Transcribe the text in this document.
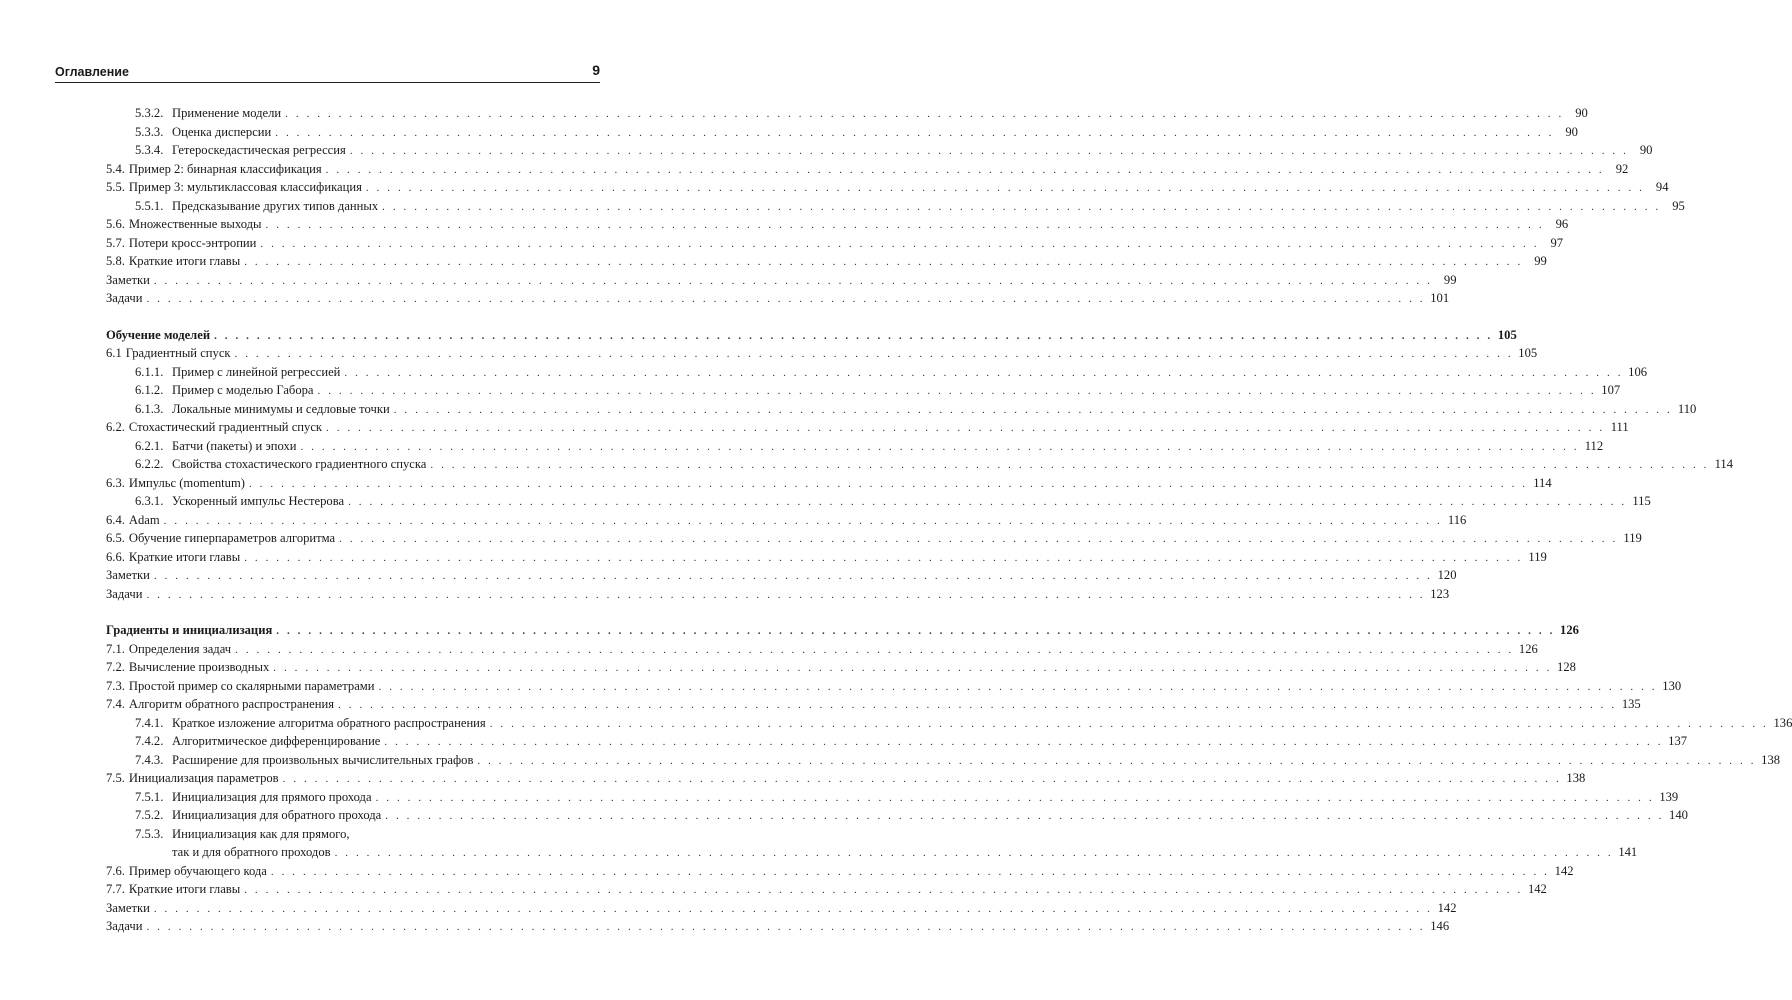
Оглавление	9
5.3.2. Применение модели . . . . . . . . . . . . . . . . . . . . . . . . . . . . . . . . . . . . . . . . . . . . . . . . . . . . . . . . . . . . . . . . . . . . . . . . . . . . . . . . . . . . . . . . . . . . . . . . . . . . . . . . . . . . . . . . . . . . . . . . 90
5.3.3. Оценка дисперсии . . . . . . . . . . . . . . . . . . . . . . . . . . . . . . . . . . . . . . . . . . . . . . . . . . . . . . . . . . . . . . . . . . . . . . . . . . . . . . . . . . . . . . . . . . . . . . . . . . . . . . . . . . . . . . . . . . . . . . . . 90
5.3.4. Гетероскедастическая регрессия . . . . . . . . . . . . . . . . . . . . . . . . . . . . . . . . . . . . . . . . . . . . . . . . . . . . . . . . . . . . . . . . . . . . . . . . . . . . . . . . . . . . . . . . . . . . . . . . . . . . . . . . . . . . . . . . . . . . . . . . 90
5.4. Пример 2: бинарная классификация . . . . . . . . . . . . . . . . . . . . . . . . . . . . . . . . . . . . . . . . . . . . . . . . . . . . . . . . . . . . . . . . . . . . . . . . . . . . . . . . . . . . . . . . . . . . . . . . . . . . . . . . . . . . . . . . . . . . . . . . 92
5.5. Пример 3: мультиклассовая классификация . . . . . . . . . . . . . . . . . . . . . . . . . . . . . . . . . . . . . . . . . . . . . . . . . . . . . . . . . . . . . . . . . . . . . . . . . . . . . . . . . . . . . . . . . . . . . . . . . . . . . . . . . . . . . . . . . . . . . . . . 94
5.5.1. Предсказывание других типов данных . . . . . . . . . . . . . . . . . . . . . . . . . . . . . . . . . . . . . . . . . . . . . . . . . . . . . . . . . . . . . . . . . . . . . . . . . . . . . . . . . . . . . . . . . . . . . . . . . . . . . . . . . . . . . . . . . . . . . . . . 95
5.6. Множественные выходы . . . . . . . . . . . . . . . . . . . . . . . . . . . . . . . . . . . . . . . . . . . . . . . . . . . . . . . . . . . . . . . . . . . . . . . . . . . . . . . . . . . . . . . . . . . . . . . . . . . . . . . . . . . . . . . . . . . . . . . . 96
5.7. Потери кросс-энтропии . . . . . . . . . . . . . . . . . . . . . . . . . . . . . . . . . . . . . . . . . . . . . . . . . . . . . . . . . . . . . . . . . . . . . . . . . . . . . . . . . . . . . . . . . . . . . . . . . . . . . . . . . . . . . . . . . . . . . . . . 97
5.8. Краткие итоги главы . . . . . . . . . . . . . . . . . . . . . . . . . . . . . . . . . . . . . . . . . . . . . . . . . . . . . . . . . . . . . . . . . . . . . . . . . . . . . . . . . . . . . . . . . . . . . . . . . . . . . . . . . . . . . . . . . . . . . . . . 99
Заметки . . . . . . . . . . . . . . . . . . . . . . . . . . . . . . . . . . . . . . . . . . . . . . . . . . . . . . . . . . . . . . . . . . . . . . . . . . . . . . . . . . . . . . . . . . . . . . . . . . . . . . . . . . . . . . . . . . . . . . . . 99
Задачи . . . . . . . . . . . . . . . . . . . . . . . . . . . . . . . . . . . . . . . . . . . . . . . . . . . . . . . . . . . . . . . . . . . . . . . . . . . . . . . . . . . . . . . . . . . . . . . . . . . . . . . . . . . . . . . . . . . . . . . . 101
Обучение моделей . . . . . . . . . . . . . . . . . . . . . . . . . . . . . . . . . . . . . . . . . . . . . . . . . . . . . . . . . . . . . . . . . . . . . . . . . . . . . . . . . . . . . . . . . . . . . . . . . . . . . . . . . . . . . . . . . . . . . . . . 105
6.1 Градиентный спуск . . . . . . . . . . . . . . . . . . . . . . . . . . . . . . . . . . . . . . . . . . . . . . . . . . . . . . . . . . . . . . . . . . . . . . . . . . . . . . . . . . . . . . . . . . . . . . . . . . . . . . . . . . . . . . . . . . . . . . . . 105
6.1.1. Пример с линейной регрессией . . . . . . . . . . . . . . . . . . . . . . . . . . . . . . . . . . . . . . . . . . . . . . . . . . . . . . . . . . . . . . . . . . . . . . . . . . . . . . . . . . . . . . . . . . . . . . . . . . . . . . . . . . . . . . . . . . . . . . . . 106
6.1.2. Пример с моделью Габора . . . . . . . . . . . . . . . . . . . . . . . . . . . . . . . . . . . . . . . . . . . . . . . . . . . . . . . . . . . . . . . . . . . . . . . . . . . . . . . . . . . . . . . . . . . . . . . . . . . . . . . . . . . . . . . . . . . . . . . . 107
6.1.3. Локальные минимумы и седловые точки . . . . . . . . . . . . . . . . . . . . . . . . . . . . . . . . . . . . . . . . . . . . . . . . . . . . . . . . . . . . . . . . . . . . . . . . . . . . . . . . . . . . . . . . . . . . . . . . . . . . . . . . . . . . . . . . . . . . . . . . 110
6.2. Стохастический градиентный спуск . . . . . . . . . . . . . . . . . . . . . . . . . . . . . . . . . . . . . . . . . . . . . . . . . . . . . . . . . . . . . . . . . . . . . . . . . . . . . . . . . . . . . . . . . . . . . . . . . . . . . . . . . . . . . . . . . . . . . . . . 111
6.2.1. Батчи (пакеты) и эпохи . . . . . . . . . . . . . . . . . . . . . . . . . . . . . . . . . . . . . . . . . . . . . . . . . . . . . . . . . . . . . . . . . . . . . . . . . . . . . . . . . . . . . . . . . . . . . . . . . . . . . . . . . . . . . . . . . . . . . . . . 112
6.2.2. Свойства стохастического градиентного спуска . . . . . . . . . . . . . . . . . . . . . . . . . . . . . . . . . . . . . . . . . . . . . . . . . . . . . . . . . . . . . . . . . . . . . . . . . . . . . . . . . . . . . . . . . . . . . . . . . . . . . . . . . . . . . . . . . . . . . . . . 114
6.3. Импульс (momentum) . . . . . . . . . . . . . . . . . . . . . . . . . . . . . . . . . . . . . . . . . . . . . . . . . . . . . . . . . . . . . . . . . . . . . . . . . . . . . . . . . . . . . . . . . . . . . . . . . . . . . . . . . . . . . . . . . . . . . . . . 114
6.3.1. Ускоренный импульс Нестерова . . . . . . . . . . . . . . . . . . . . . . . . . . . . . . . . . . . . . . . . . . . . . . . . . . . . . . . . . . . . . . . . . . . . . . . . . . . . . . . . . . . . . . . . . . . . . . . . . . . . . . . . . . . . . . . . . . . . . . . . 115
6.4. Adam . . . . . . . . . . . . . . . . . . . . . . . . . . . . . . . . . . . . . . . . . . . . . . . . . . . . . . . . . . . . . . . . . . . . . . . . . . . . . . . . . . . . . . . . . . . . . . . . . . . . . . . . . . . . . . . . . . . . . . . . 116
6.5. Обучение гиперпараметров алгоритма . . . . . . . . . . . . . . . . . . . . . . . . . . . . . . . . . . . . . . . . . . . . . . . . . . . . . . . . . . . . . . . . . . . . . . . . . . . . . . . . . . . . . . . . . . . . . . . . . . . . . . . . . . . . . . . . . . . . . . . . 119
6.6. Краткие итоги главы . . . . . . . . . . . . . . . . . . . . . . . . . . . . . . . . . . . . . . . . . . . . . . . . . . . . . . . . . . . . . . . . . . . . . . . . . . . . . . . . . . . . . . . . . . . . . . . . . . . . . . . . . . . . . . . . . . . . . . . . 119
Заметки . . . . . . . . . . . . . . . . . . . . . . . . . . . . . . . . . . . . . . . . . . . . . . . . . . . . . . . . . . . . . . . . . . . . . . . . . . . . . . . . . . . . . . . . . . . . . . . . . . . . . . . . . . . . . . . . . . . . . . . . 120
Задачи . . . . . . . . . . . . . . . . . . . . . . . . . . . . . . . . . . . . . . . . . . . . . . . . . . . . . . . . . . . . . . . . . . . . . . . . . . . . . . . . . . . . . . . . . . . . . . . . . . . . . . . . . . . . . . . . . . . . . . . . 123
Градиенты и инициализация . . . . . . . . . . . . . . . . . . . . . . . . . . . . . . . . . . . . . . . . . . . . . . . . . . . . . . . . . . . . . . . . . . . . . . . . . . . . . . . . . . . . . . . . . . . . . . . . . . . . . . . . . . . . . . . . . . . . . . . . 126
7.1. Определения задач . . . . . . . . . . . . . . . . . . . . . . . . . . . . . . . . . . . . . . . . . . . . . . . . . . . . . . . . . . . . . . . . . . . . . . . . . . . . . . . . . . . . . . . . . . . . . . . . . . . . . . . . . . . . . . . . . . . . . . . . 126
7.2. Вычисление производных . . . . . . . . . . . . . . . . . . . . . . . . . . . . . . . . . . . . . . . . . . . . . . . . . . . . . . . . . . . . . . . . . . . . . . . . . . . . . . . . . . . . . . . . . . . . . . . . . . . . . . . . . . . . . . . . . . . . . . . . 128
7.3. Простой пример со скалярными параметрами . . . . . . . . . . . . . . . . . . . . . . . . . . . . . . . . . . . . . . . . . . . . . . . . . . . . . . . . . . . . . . . . . . . . . . . . . . . . . . . . . . . . . . . . . . . . . . . . . . . . . . . . . . . . . . . . . . . . . . . . 130
7.4. Алгоритм обратного распространения . . . . . . . . . . . . . . . . . . . . . . . . . . . . . . . . . . . . . . . . . . . . . . . . . . . . . . . . . . . . . . . . . . . . . . . . . . . . . . . . . . . . . . . . . . . . . . . . . . . . . . . . . . . . . . . . . . . . . . . . 135
7.4.1. Краткое изложение алгоритма обратного распространения . . . . . . . . . . . . . . . . . . . . . . . . . . . . . . . . . . . . . . . . . . . . . . . . . . . . . . . . . . . . . . . . . . . . . . . . . . . . . . . . . . . . . . . . . . . . . . . . . . . . . . . . . . . . . . . . . . . . . . . . 136
7.4.2. Алгоритмическое дифференцирование . . . . . . . . . . . . . . . . . . . . . . . . . . . . . . . . . . . . . . . . . . . . . . . . . . . . . . . . . . . . . . . . . . . . . . . . . . . . . . . . . . . . . . . . . . . . . . . . . . . . . . . . . . . . . . . . . . . . . . . . 137
7.4.3. Расширение для произвольных вычислительных графов . . . . . . . . . . . . . . . . . . . . . . . . . . . . . . . . . . . . . . . . . . . . . . . . . . . . . . . . . . . . . . . . . . . . . . . . . . . . . . . . . . . . . . . . . . . . . . . . . . . . . . . . . . . . . . . . . . . . . . . . 138
7.5. Инициализация параметров . . . . . . . . . . . . . . . . . . . . . . . . . . . . . . . . . . . . . . . . . . . . . . . . . . . . . . . . . . . . . . . . . . . . . . . . . . . . . . . . . . . . . . . . . . . . . . . . . . . . . . . . . . . . . . . . . . . . . . . . 138
7.5.1. Инициализация для прямого прохода . . . . . . . . . . . . . . . . . . . . . . . . . . . . . . . . . . . . . . . . . . . . . . . . . . . . . . . . . . . . . . . . . . . . . . . . . . . . . . . . . . . . . . . . . . . . . . . . . . . . . . . . . . . . . . . . . . . . . . . . 139
7.5.2. Инициализация для обратного прохода . . . . . . . . . . . . . . . . . . . . . . . . . . . . . . . . . . . . . . . . . . . . . . . . . . . . . . . . . . . . . . . . . . . . . . . . . . . . . . . . . . . . . . . . . . . . . . . . . . . . . . . . . . . . . . . . . . . . . . . . 140
7.5.3. Инициализация как для прямого,
так и для обратного проходов . . . . . . . . . . . . . . . . . . . . . . . . . . . . . . . . . . . . . . . . . . . . . . . . . . . . . . . . . . . . . . . . . . . . . . . . . . . . . . . . . . . . . . . . . . . . . . . . . . . . . . . . . . . . . . . . . . . . . . . . 141
7.6. Пример обучающего кода . . . . . . . . . . . . . . . . . . . . . . . . . . . . . . . . . . . . . . . . . . . . . . . . . . . . . . . . . . . . . . . . . . . . . . . . . . . . . . . . . . . . . . . . . . . . . . . . . . . . . . . . . . . . . . . . . . . . . . . . 142
7.7. Краткие итоги главы . . . . . . . . . . . . . . . . . . . . . . . . . . . . . . . . . . . . . . . . . . . . . . . . . . . . . . . . . . . . . . . . . . . . . . . . . . . . . . . . . . . . . . . . . . . . . . . . . . . . . . . . . . . . . . . . . . . . . . . . 142
Заметки . . . . . . . . . . . . . . . . . . . . . . . . . . . . . . . . . . . . . . . . . . . . . . . . . . . . . . . . . . . . . . . . . . . . . . . . . . . . . . . . . . . . . . . . . . . . . . . . . . . . . . . . . . . . . . . . . . . . . . . . 142
Задачи . . . . . . . . . . . . . . . . . . . . . . . . . . . . . . . . . . . . . . . . . . . . . . . . . . . . . . . . . . . . . . . . . . . . . . . . . . . . . . . . . . . . . . . . . . . . . . . . . . . . . . . . . . . . . . . . . . . . . . . . 146
